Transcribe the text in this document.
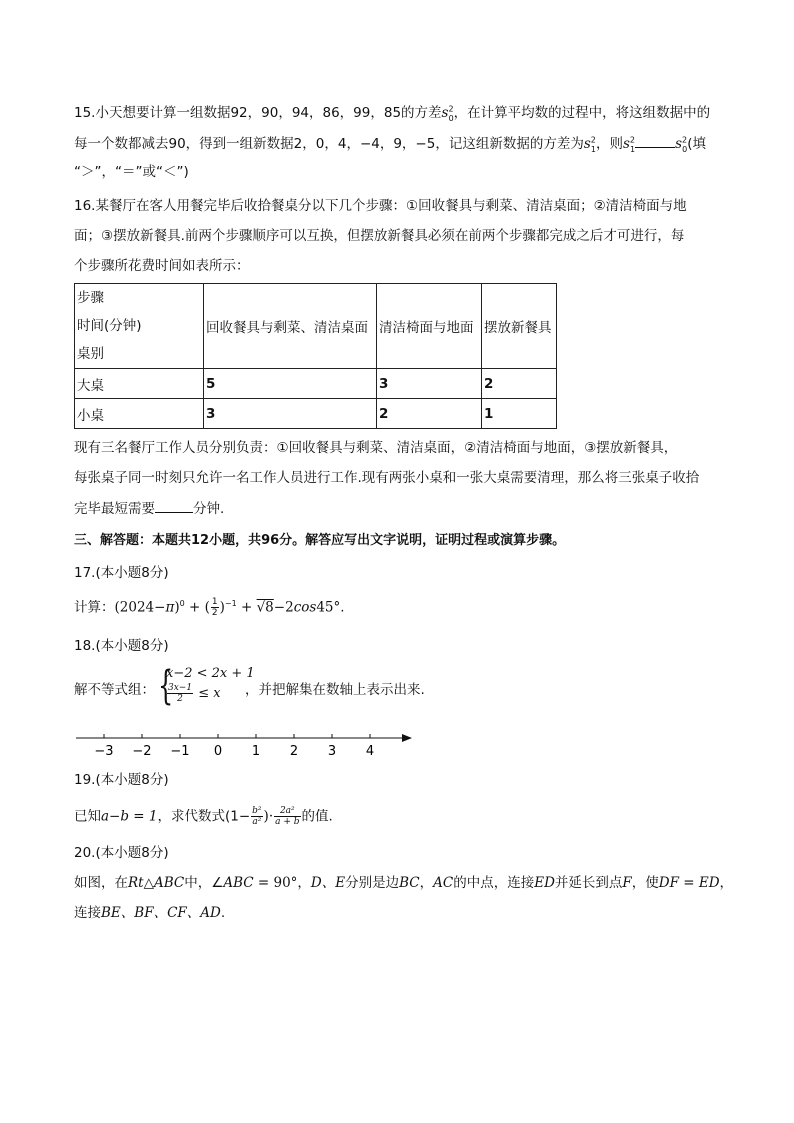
15.小天想要计算一组数据92，90，94，86，99，85的方差$s^2_0$，在计算平均数的过程中，将这组数据中的
每一个数都减去90，得到一组新数据2，0，4，−4，9，−5，记这组新数据的方差为$s^2_1$，则$s^2_1$	$s^2_0$(填
“＞”，“＝”或“＜”)
16.某餐厅在客人用餐完毕后收拾餐桌分以下几个步骤：①回收餐具与剩菜、清洁桌面；②清洁椅面与地
面；③摆放新餐具.前两个步骤顺序可以互换，但摆放新餐具必须在前两个步骤都完成之后才可进行，每
个步骤所花费时间如表所示：
步骤
时间(分钟)
桌别	回收餐具与剩菜、清洁桌面	清洁椅面与地面	摆放新餐具
大桌	5	3	2
小桌	3	2	1
现有三名餐厅工作人员分别负责：①回收餐具与剩菜、清洁桌面，②清洁椅面与地面，③摆放新餐具，
每张桌子同一时刻只允许一名工作人员进行工作.现有两张小桌和一张大桌需要清理，那么将三张桌子收拾
完毕最短需要	分钟.
三、解答题：本题共12小题，共96分。解答应写出文字说明，证明过程或演算步骤。
17.(本小题8分)
计算：$(2024-\pi)^0$ + ( $\frac{1}{2} )^{-1} + √8-2\cos 45^\circ$.
18.(本小题8分)
解不等式组： {
x−2 < 2x + 1
$\frac{3x-1}{2} \le x$ ，并把解集在数轴上表示出来.
−3 −2 −1 0 1 2 3 4
19.(本小题8分)
已知a−b = 1，求代数式($1- \frac{\text{b²}}{\text{a²}}$ )· $\frac{\text{2a²}}{a + b}$ 的值.
20.(本小题8分)
如图，在Rt△ABC中，∠ABC = 90°，D、E分别是边BC，AC的中点，连接ED并延长到点F，使DF = ED，
连接BE、BF、CF、AD.
